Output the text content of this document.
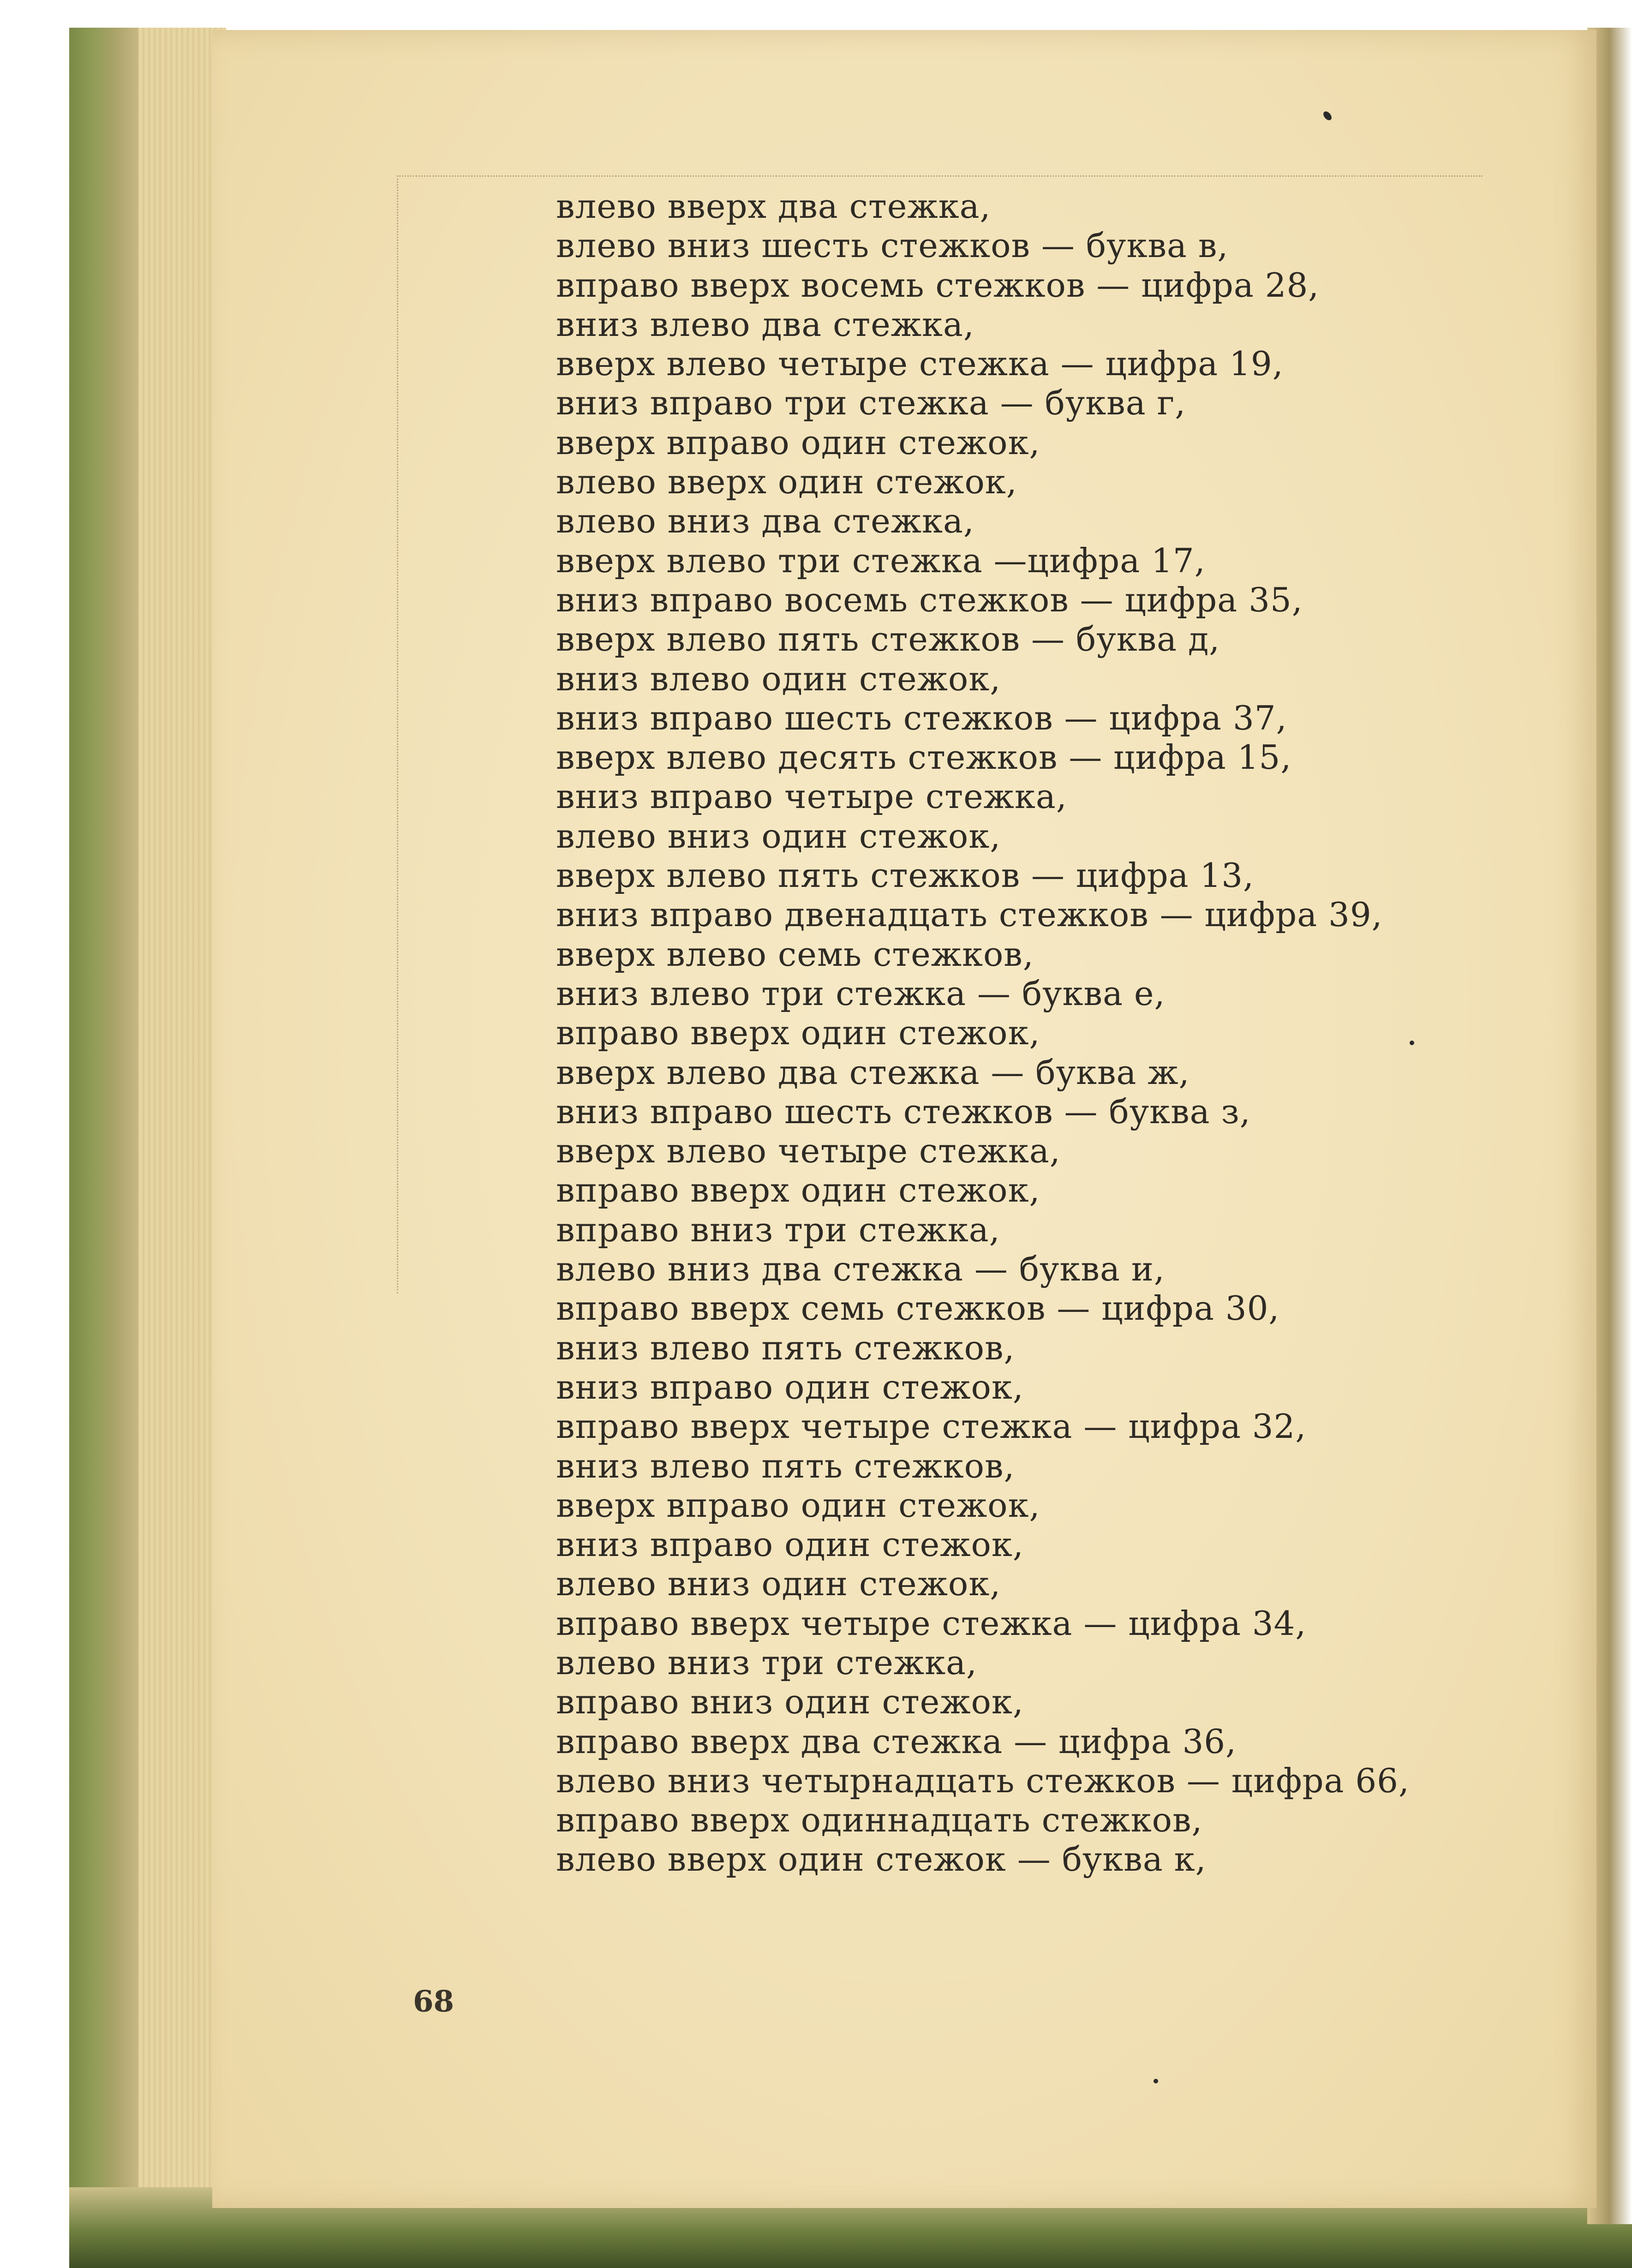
влево вверх два стежка,
влево вниз шесть стежков — буква в,
вправо вверх восемь стежков — цифра 28,
вниз влево два стежка,
вверх влево четыре стежка — цифра 19,
вниз вправо три стежка — буква г,
вверх вправо один стежок,
влево вверх один стежок,
влево вниз два стежка,
вверх влево три стежка —цифра 17,
вниз вправо восемь стежков — цифра 35,
вверх влево пять стежков — буква д,
вниз влево один стежок,
вниз вправо шесть стежков — цифра 37,
вверх влево десять стежков — цифра 15,
вниз вправо четыре стежка,
влево вниз один стежок,
вверх влево пять стежков — цифра 13,
вниз вправо двенадцать стежков — цифра 39,
вверх влево семь стежков,
вниз влево три стежка — буква е,
вправо вверх один стежок,
вверх влево два стежка — буква ж,
вниз вправо шесть стежков — буква з,
вверх влево четыре стежка,
вправо вверх один стежок,
вправо вниз три стежка,
влево вниз два стежка — буква и,
вправо вверх семь стежков — цифра 30,
вниз влево пять стежков,
вниз вправо один стежок,
вправо вверх четыре стежка — цифра 32,
вниз влево пять стежков,
вверх вправо один стежок,
вниз вправо один стежок,
влево вниз один стежок,
вправо вверх четыре стежка — цифра 34,
влево вниз три стежка,
вправо вниз один стежок,
вправо вверх два стежка — цифра 36,
влево вниз четырнадцать стежков — цифра 66,
вправо вверх одиннадцать стежков,
влево вверх один стежок — буква к,
68
